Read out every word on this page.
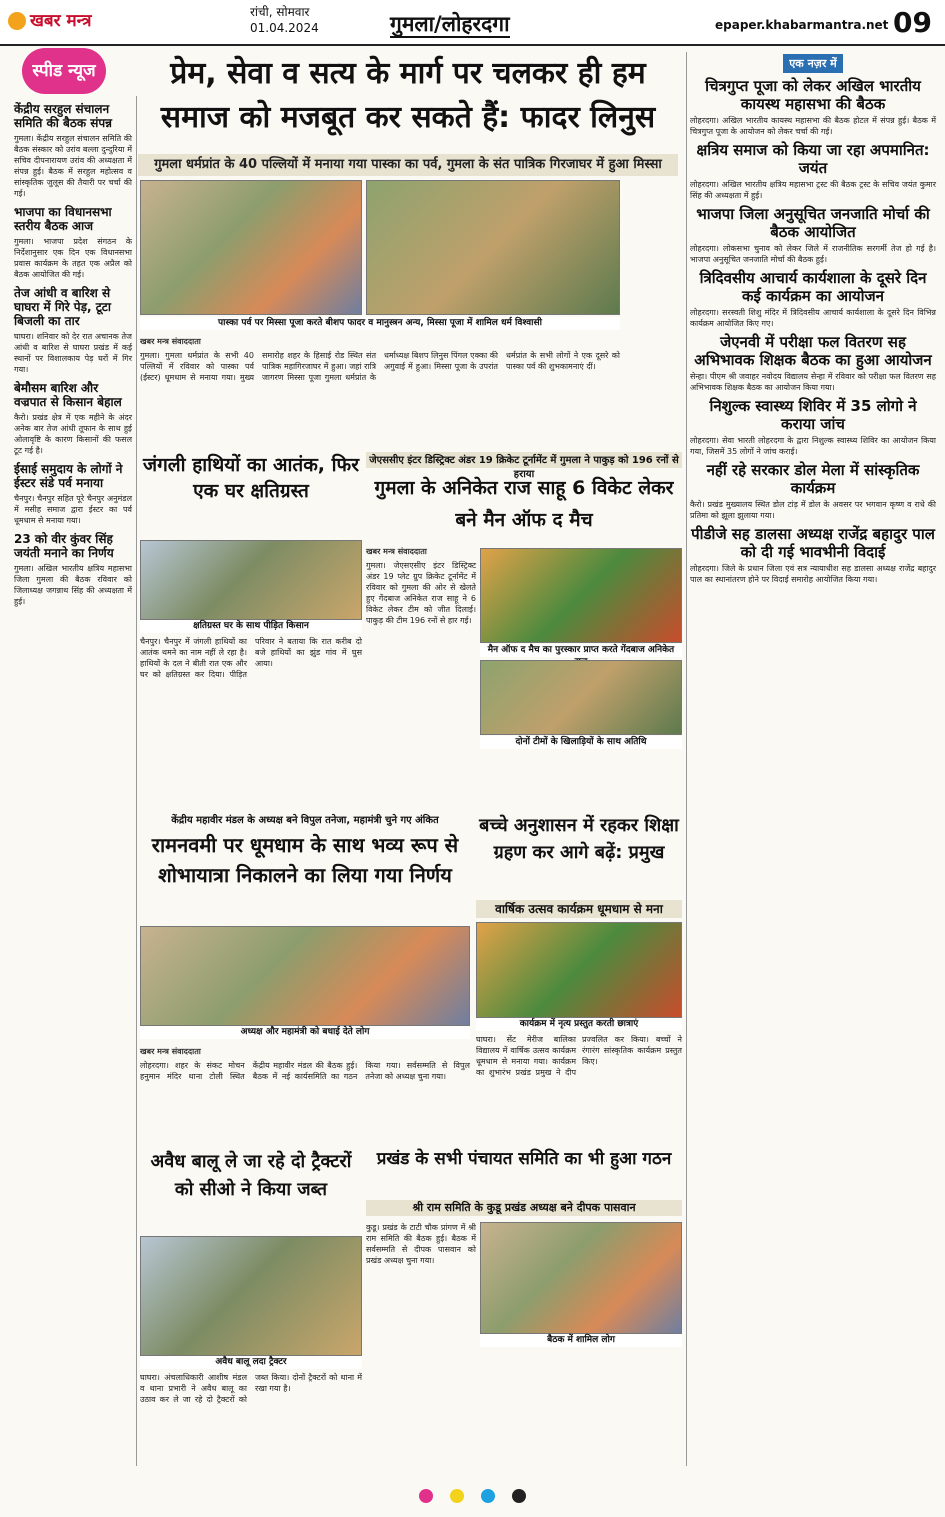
खबर मन्त्र	रांची, सोमवार
01.04.2024	गुमला/लोहरदगा	epaper.khabarmantra.net 09
स्पीड न्यूज
केंद्रीय सरहुल संचालन समिति की बैठक संपन्न

गुमला। केंद्रीय सरहुल संचालन समिति की बैठक संस्कार को उरांव बल्ला दुन्दुरिया में सचिव दीपनारायण उरांव की अध्यक्षता में संपन्न हुई। बैठक में सरहुल महोत्सव व सांस्कृतिक जुलूस की तैयारी पर चर्चा की गई।

भाजपा का विधानसभा स्तरीय बैठक आज

गुमला। भाजपा प्रदेश संगठन के निर्देशानुसार एक दिन एक विधानसभा प्रवास कार्यक्रम के तहत एक अप्रैल को बैठक आयोजित की गई।

तेज आंधी व बारिश से घाघरा में गिरे पेड़, टूटा बिजली का तार

घाघरा। शनिवार को देर रात अचानक तेज आंधी व बारिश से घाघरा प्रखंड में कई स्थानों पर विशालकाय पेड़ घरों में गिर गया।

बेमौसम बारिश और वज्रपात से किसान बेहाल

कैरो। प्रखंड क्षेत्र में एक महीने के अंदर अनेक बार तेज आंधी तूफान के साथ हुई ओलावृष्टि के कारण किसानों की फसल टूट गई है।

ईसाई समुदाय के लोगों ने ईस्टर संडे पर्व मनाया

चैनपुर। चैनपुर सहित पूरे चैनपुर अनुमंडल में मसीह समाज द्वारा ईस्टर का पर्व धूमधाम से मनाया गया।

23 को वीर कुंवर सिंह जयंती मनाने का निर्णय

गुमला। अखिल भारतीय क्षत्रिय महासभा जिला गुमला की बैठक रविवार को जिलाध्यक्ष जगन्नाथ सिंह की अध्यक्षता में हुई।

प्रेम, सेवा व सत्य के मार्ग पर चलकर ही हम समाज को मजबूत कर सकते हैं: फादर लिनुस
गुमला धर्मप्रांत के 40 पल्लियों में मनाया गया पास्का का पर्व, गुमला के संत पात्रिक गिरजाघर में हुआ मिस्सा
पास्का पर्व पर मिस्सा पूजा करते बीशप फादर व मानुस्त्रन अन्य, मिस्सा पूजा में शामिल धर्म विश्वासी
खबर मन्त्र संवाददाता
गुमला। गुमला धर्मप्रांत के सभी 40 पल्लियों में रविवार को पास्का पर्व (ईस्टर) धूमधाम से मनाया गया। मुख्य समारोह शहर के हिसाई रोड स्थित संत पात्रिक महागिरजाघर में हुआ। जहां रात्रि जागरण मिस्सा पूजा गुमला धर्मप्रांत के धर्माध्यक्ष बिशप लिनुस पिंगल एक्का की अगुवाई में हुआ। मिस्सा पूजा के उपरांत धर्मप्रांत के सभी लोगों ने एक दूसरे को पास्का पर्व की शुभकामनाएं दीं।
जंगली हाथियों का आतंक, फिर एक घर क्षतिग्रस्त
क्षतिग्रस्त घर के साथ पीड़ित किसान
चैनपुर। चैनपुर में जंगली हाथियों का आतंक थमने का नाम नहीं ले रहा है। हाथियों के दल ने बीती रात एक और घर को क्षतिग्रस्त कर दिया। पीड़ित परिवार ने बताया कि रात करीब दो बजे हाथियों का झुंड गांव में घुस आया।
जेएससीए इंटर डिस्ट्रिक्ट अंडर 19 क्रिकेट टूर्नामेंट में गुमला ने पाकुड़ को 196 रनों से हराया
गुमला के अनिकेत राज साहू 6 विकेट लेकर बने मैन ऑफ द मैच
खबर मन्त्र संवाददाता
गुमला। जेएसएसीए इंटर डिस्ट्रिक्ट अंडर 19 प्लेट ग्रुप क्रिकेट टूर्नामेंट में रविवार को गुमला की ओर से खेलते हुए गेंदबाज अनिकेत राज साहू ने 6 विकेट लेकर टीम को जीत दिलाई। पाकुड़ की टीम 196 रनों से हार गई।
मैन ऑफ द मैच का पुरस्कार प्राप्त करते गेंदबाज अनिकेत
दोनों टीमों के खिलाड़ियों के साथ अतिथि
केंद्रीय महावीर मंडल के अध्यक्ष बने विपुल तनेजा, महामंत्री चुने गए अंकित
रामनवमी पर धूमधाम के साथ भव्य रूप से शोभायात्रा निकालने का लिया गया निर्णय
अध्यक्ष और महामंत्री को बधाई देते लोग
खबर मन्त्र संवाददाता
लोहरदगा। शहर के संकट मोचन हनुमान मंदिर थाना टोली स्थित केंद्रीय महावीर मंडल की बैठक हुई। बैठक में नई कार्यसमिति का गठन किया गया। सर्वसम्मति से विपुल तनेजा को अध्यक्ष चुना गया।
बच्चे अनुशासन में रहकर शिक्षा ग्रहण कर आगे बढ़ें: प्रमुख
वार्षिक उत्सव कार्यक्रम धूमधाम से मना
कार्यक्रम में नृत्य प्रस्तुत करती छात्राएं
घाघरा। सेंट मेरीज बालिका विद्यालय में वार्षिक उत्सव कार्यक्रम धूमधाम से मनाया गया। कार्यक्रम का शुभारंभ प्रखंड प्रमुख ने दीप प्रज्वलित कर किया। बच्चों ने रंगारंग सांस्कृतिक कार्यक्रम प्रस्तुत किए।
अवैध बालू ले जा रहे दो ट्रैक्टरों को सीओ ने किया जब्त
अवैध बालू लदा ट्रैक्टर
घाघरा। अंचलाधिकारी आशीष मंडल व थाना प्रभारी ने अवैध बालू का उठाव कर ले जा रहे दो ट्रैक्टरों को जब्त किया। दोनों ट्रैक्टरों को थाना में रखा गया है।
प्रखंड के सभी पंचायत समिति का भी हुआ गठन
श्री राम समिति के कुडू प्रखंड अध्यक्ष बने दीपक पासवान
कुडू। प्रखंड के टाटी चौक प्रांगण में श्री राम समिति की बैठक हुई। बैठक में सर्वसम्मति से दीपक पासवान को प्रखंड अध्यक्ष चुना गया।
बैठक में शामिल लोग
एक नज़र में
चित्रगुप्त पूजा को लेकर अखिल भारतीय कायस्थ महासभा की बैठक

लोहरदगा। अखिल भारतीय कायस्थ महासभा की बैठक होटल में संपन्न हुई। बैठक में चित्रगुप्त पूजा के आयोजन को लेकर चर्चा की गई।

क्षत्रिय समाज को किया जा रहा अपमानित: जयंत

लोहरदगा। अखिल भारतीय क्षत्रिय महासभा ट्रस्ट की बैठक ट्रस्ट के सचिव जयंत कुमार सिंह की अध्यक्षता में हुई।

भाजपा जिला अनुसूचित जनजाति मोर्चा की बैठक आयोजित

लोहरदगा। लोकसभा चुनाव को लेकर जिले में राजनीतिक सरगर्मी तेज हो गई है। भाजपा अनुसूचित जनजाति मोर्चा की बैठक हुई।

त्रिदिवसीय आचार्य कार्यशाला के दूसरे दिन कई कार्यक्रम का आयोजन

लोहरदगा। सरस्वती शिशु मंदिर में त्रिदिवसीय आचार्य कार्यशाला के दूसरे दिन विभिन्न कार्यक्रम आयोजित किए गए।

जेएनवी में परीक्षा फल वितरण सह अभिभावक शिक्षक बैठक का हुआ आयोजन

सेन्हा। पीएम श्री जवाहर नवोदय विद्यालय सेन्हा में रविवार को परीक्षा फल वितरण सह अभिभावक शिक्षक बैठक का आयोजन किया गया।

निशुल्क स्वास्थ्य शिविर में 35 लोगो ने कराया जांच

लोहरदगा। सेवा भारती लोहरदगा के द्वारा निशुल्क स्वास्थ्य शिविर का आयोजन किया गया, जिसमें 35 लोगों ने जांच कराई।

नहीं रहे सरकार डोल मेला में सांस्कृतिक कार्यक्रम

कैरो। प्रखंड मुख्यालय स्थित डोल टांड़ में डोल के अवसर पर भगवान कृष्ण व राधे की प्रतिमा को झूला झुलाया गया।

पीडीजे सह डालसा अध्यक्ष राजेंद्र बहादुर पाल को दी गई भावभीनी विदाई

लोहरदगा। जिले के प्रधान जिला एवं सत्र न्यायाधीश सह डालसा अध्यक्ष राजेंद्र बहादुर पाल का स्थानांतरण होने पर विदाई समारोह आयोजित किया गया।
